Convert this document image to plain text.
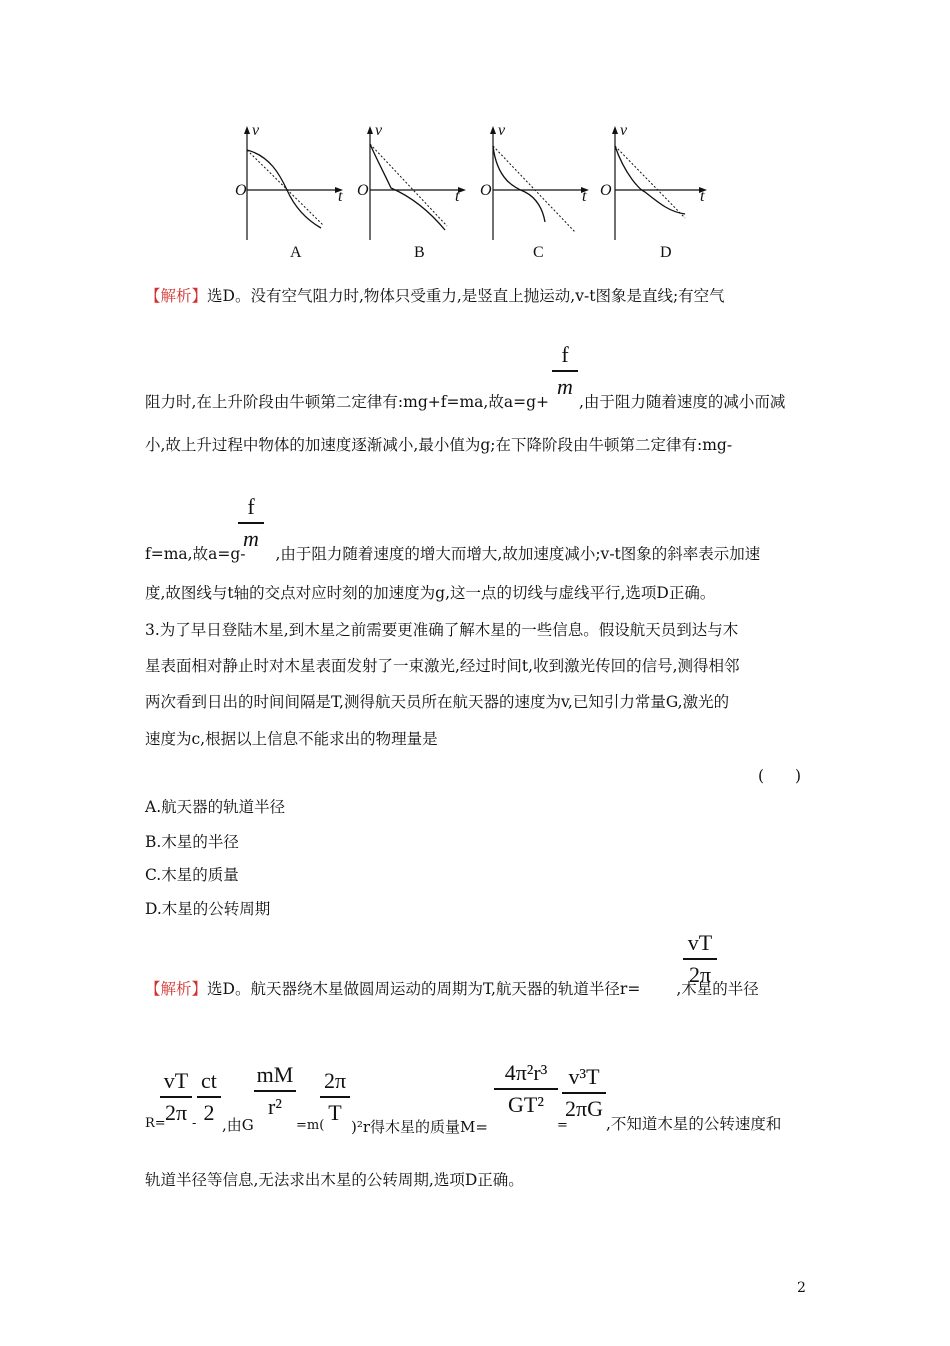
v
O	t
v
O	t
v
O	t
v
O	t
A	B	C	D
【解析】选D。没有空气阻力时,物体只受重力,是竖直上抛运动,v-t图象是直线;有空气
f
m
阻力时,在上升阶段由牛顿第二定律有:mg+f=ma,故a=g+ ,由于阻力随着速度的减小而减
小,故上升过程中物体的加速度逐渐减小,最小值为g;在下降阶段由牛顿第二定律有:mg-
f
m
f=ma,故a=g- ,由于阻力随着速度的增大而增大,故加速度减小;v-t图象的斜率表示加速
度,故图线与t轴的交点对应时刻的加速度为g,这一点的切线与虚线平行,选项D正确。
3.为了早日登陆木星,到木星之前需要更准确了解木星的一些信息。假设航天员到达与木
星表面相对静止时对木星表面发射了一束激光,经过时间t,收到激光传回的信号,测得相邻
两次看到日出的时间间隔是T,测得航天员所在航天器的速度为v,已知引力常量G,激光的
速度为c,根据以上信息不能求出的物理量是
(　　)
A.航天器的轨道半径
B.木星的半径
C.木星的质量
D.木星的公转周期
vT
2π
【解析】选D。航天器绕木星做圆周运动的周期为T,航天器的轨道半径r= ,木星的半径
R=
vT
2π -
ct
2
,由G
mM
r²
=m(
2π
T
)²r得木星的质量M=
4π²r³
GT²
=
v³T
2πG
,不知道木星的公转速度和
轨道半径等信息,无法求出木星的公转周期,选项D正确。
2
